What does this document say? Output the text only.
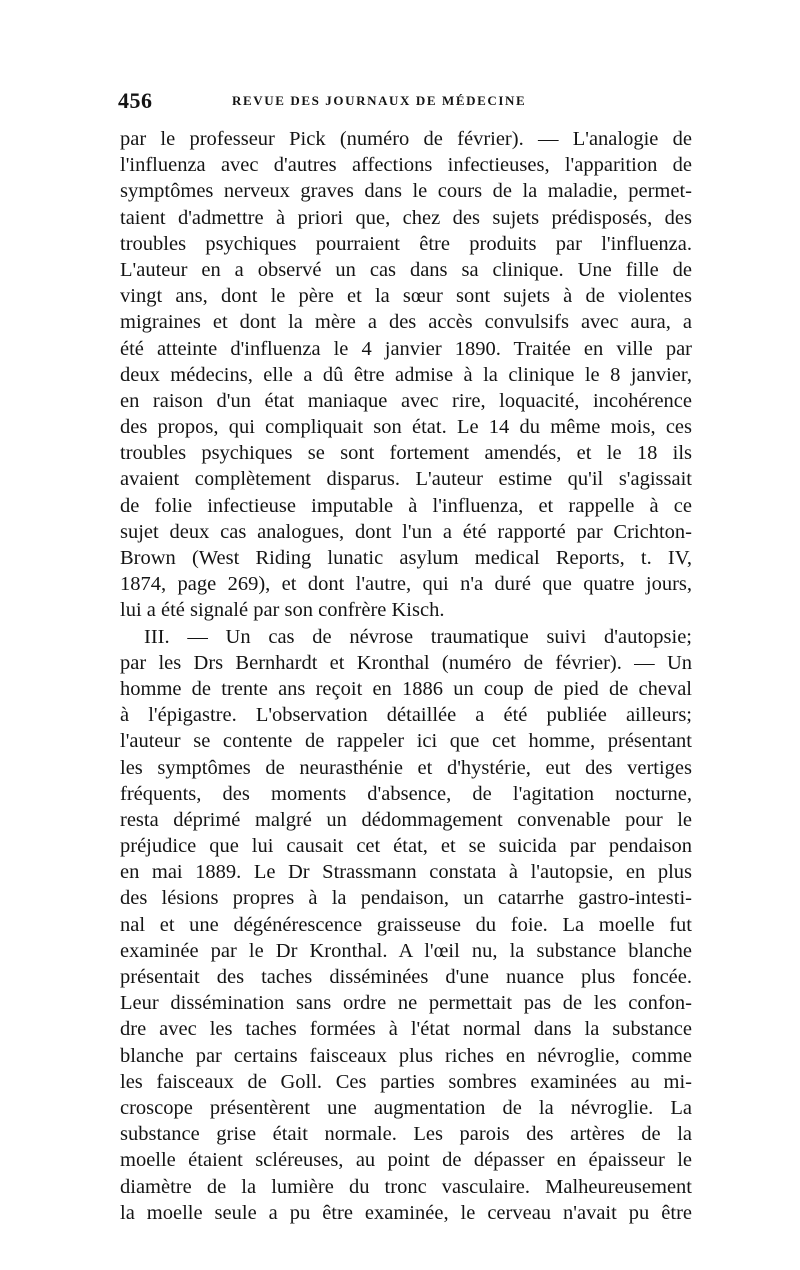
456	REVUE DES JOURNAUX DE MÉDECINE
par le professeur Pick (numéro de février). — L'analogie de
l'influenza avec d'autres affections infectieuses, l'apparition de
symptômes nerveux graves dans le cours de la maladie, permet-
taient d'admettre à priori que, chez des sujets prédisposés, des
troubles psychiques pourraient être produits par l'influenza.
L'auteur en a observé un cas dans sa clinique. Une fille de
vingt ans, dont le père et la sœur sont sujets à de violentes
migraines et dont la mère a des accès convulsifs avec aura, a
été atteinte d'influenza le 4 janvier 1890. Traitée en ville par
deux médecins, elle a dû être admise à la clinique le 8 janvier,
en raison d'un état maniaque avec rire, loquacité, incohérence
des propos, qui compliquait son état. Le 14 du même mois, ces
troubles psychiques se sont fortement amendés, et le 18 ils
avaient complètement disparus. L'auteur estime qu'il s'agissait
de folie infectieuse imputable à l'influenza, et rappelle à ce
sujet deux cas analogues, dont l'un a été rapporté par Crichton-
Brown (West Riding lunatic asylum medical Reports, t. IV,
1874, page 269), et dont l'autre, qui n'a duré que quatre jours,
lui a été signalé par son confrère Kisch.
III. — Un cas de névrose traumatique suivi d'autopsie;
par les Drs Bernhardt et Kronthal (numéro de février). — Un
homme de trente ans reçoit en 1886 un coup de pied de cheval
à l'épigastre. L'observation détaillée a été publiée ailleurs;
l'auteur se contente de rappeler ici que cet homme, présentant
les symptômes de neurasthénie et d'hystérie, eut des vertiges
fréquents, des moments d'absence, de l'agitation nocturne,
resta déprimé malgré un dédommagement convenable pour le
préjudice que lui causait cet état, et se suicida par pendaison
en mai 1889. Le Dr Strassmann constata à l'autopsie, en plus
des lésions propres à la pendaison, un catarrhe gastro-intesti-
nal et une dégénérescence graisseuse du foie. La moelle fut
examinée par le Dr Kronthal. A l'œil nu, la substance blanche
présentait des taches disséminées d'une nuance plus foncée.
Leur dissémination sans ordre ne permettait pas de les confon-
dre avec les taches formées à l'état normal dans la substance
blanche par certains faisceaux plus riches en névroglie, comme
les faisceaux de Goll. Ces parties sombres examinées au mi-
croscope présentèrent une augmentation de la névroglie. La
substance grise était normale. Les parois des artères de la
moelle étaient scléreuses, au point de dépasser en épaisseur le
diamètre de la lumière du tronc vasculaire. Malheureusement
la moelle seule a pu être examinée, le cerveau n'avait pu être
